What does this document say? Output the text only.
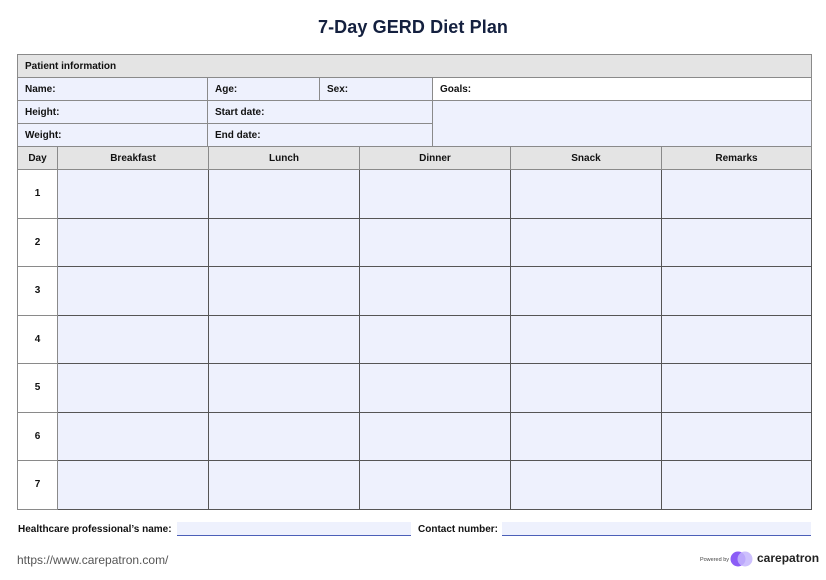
7-Day GERD Diet Plan
Patient information			
Name:	Age:	Sex:	Goals:
Height:	Start date:		
Weight:	End date:		
Day	Breakfast	Lunch	Dinner	Snack	Remarks
1					
2					
3					
4					
5					
6					
7					
Healthcare professional’s name:	Contact number:
https://www.carepatron.com/	Powered by carepatron
